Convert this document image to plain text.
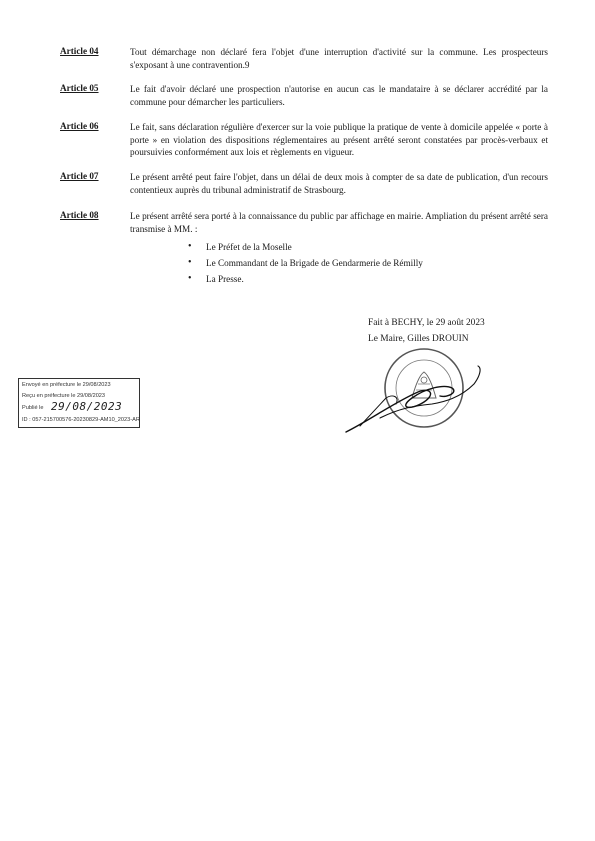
Article 04	Tout démarchage non déclaré fera l'objet d'une interruption d'activité sur la commune. Les prospecteurs s'exposant à une contravention.9
Article 05	Le fait d'avoir déclaré une prospection n'autorise en aucun cas le mandataire à se déclarer accrédité par la commune pour démarcher les particuliers.
Article 06	Le fait, sans déclaration régulière d'exercer sur la voie publique la pratique de vente à domicile appelée « porte à porte » en violation des dispositions réglementaires au présent arrêté seront constatées par procès-verbaux et poursuivies conformément aux lois et règlements en vigueur.
Article 07	Le présent arrêté peut faire l'objet, dans un délai de deux mois à compter de sa date de publication, d'un recours contentieux auprès du tribunal administratif de Strasbourg.
Article 08	Le présent arrêté sera porté à la connaissance du public par affichage en mairie. Ampliation du présent arrêté sera transmise à MM. :
• Le Préfet de la Moselle
• Le Commandant de la Brigade de Gendarmerie de Rémilly
• La Presse.
Fait à BECHY, le 29 août 2023
Le Maire, Gilles DROUIN
Envoyé en préfecture le 29/08/2023
Reçu en préfecture le 29/08/2023
Publié le 29/08/2023
ID : 057-215700576-20230829-AM10_2023-AR
